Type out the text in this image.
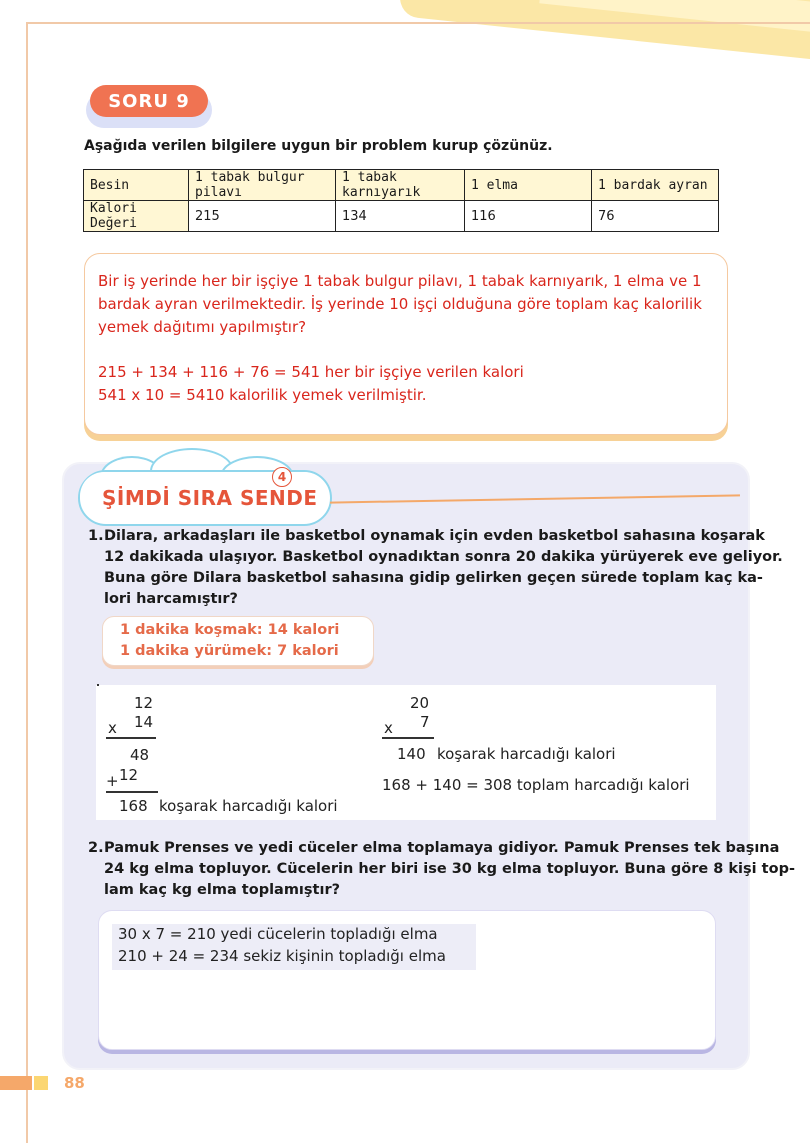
SORU 9
Aşağıda verilen bilgilere uygun bir problem kurup çözünüz.
Besin	1 tabak bulgur pilavı	1 tabak karnıyarık	1 elma	1 bardak ayran
Kalori Değeri	215	134	116	76
Bir iş yerinde her bir işçiye 1 tabak bulgur pilavı, 1 tabak karnıyarık, 1 elma ve 1
bardak ayran verilmektedir. İş yerinde 10 işçi olduğuna göre toplam kaç kalorilik
yemek dağıtımı yapılmıştır?
215 + 134 + 116 + 76 = 541 her bir işçiye verilen kalori
541 x 10 = 5410 kalorilik yemek verilmiştir.
4
ŞİMDİ SIRA SENDE
1. Dilara, arkadaşları ile basketbol oynamak için evden basketbol sahasına koşarak
12 dakikada ulaşıyor. Basketbol oynadıktan sonra 20 dakika yürüyerek eve geliyor.
Buna göre Dilara basketbol sahasına gidip gelirken geçen sürede toplam kaç ka-
lori harcamıştır?
1 dakika koşmak: 14 kalori
1 dakika yürümek: 7 kalori
12
x 14
48
+ 12
168 koşarak harcadığı kalori
20
x 7
140 koşarak harcadığı kalori
168 + 140 = 308 toplam harcadığı kalori
2. Pamuk Prenses ve yedi cüceler elma toplamaya gidiyor. Pamuk Prenses tek başına
24 kg elma topluyor. Cücelerin her biri ise 30 kg elma topluyor. Buna göre 8 kişi top-
lam kaç kg elma toplamıştır?
30 x 7 = 210 yedi cücelerin topladığı elma
210 + 24 = 234 sekiz kişinin topladığı elma
88
